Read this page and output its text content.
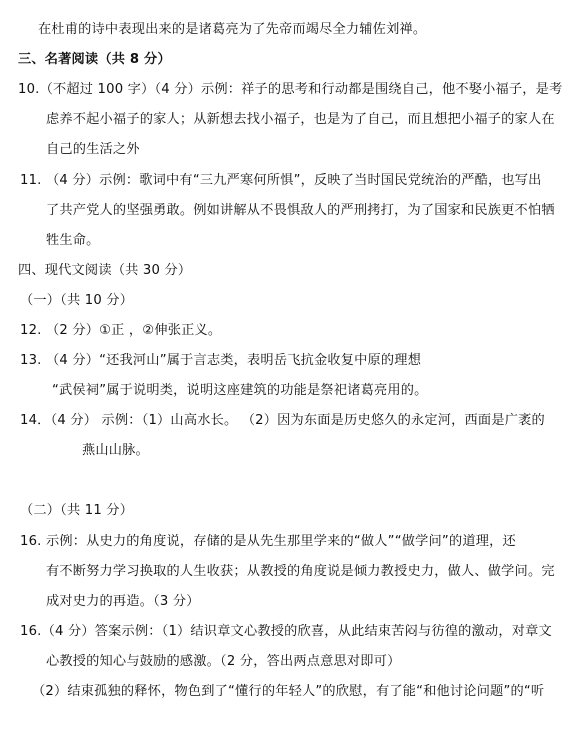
在杜甫的诗中表现出来的是诸葛亮为了先帝而竭尽全力辅佐刘禅。
三、名著阅读（共 8 分）
10.（不超过 100 字）（4 分）示例：祥子的思考和行动都是围绕自己，他不娶小福子，是考
虑养不起小福子的家人；从新想去找小福子，也是为了自己，而且想把小福子的家人在
自己的生活之外
11. （4 分）示例：歌词中有“三九严寒何所惧”，反映了当时国民党统治的严酷，也写出
了共产党人的坚强勇敢。例如讲解从不畏惧敌人的严刑拷打，为了国家和民族更不怕牺
牲生命。
四、现代文阅读（共 30 分）
（一）（共 10 分）
12. （2 分）①正 ，②伸张正义。
13. （4 分）“还我河山”属于言志类，表明岳飞抗金收复中原的理想
“武侯祠”属于说明类，说明这座建筑的功能是祭祀诸葛亮用的。
14．（4 分） 示例：（1）山高水长。 （2）因为东面是历史悠久的永定河，西面是广袤的
燕山山脉。
（二）（共 11 分）
16. 示例：从史力的角度说，存储的是从先生那里学来的“做人”“做学问”的道理，还
有不断努力学习换取的人生收获；从教授的角度说是倾力教授史力，做人、做学问。完
成对史力的再造。（3 分）
16.（4 分）答案示例：（1）结识章文心教授的欣喜，从此结束苦闷与彷徨的激动，对章文
心教授的知心与鼓励的感激。（2 分，答出两点意思对即可）
（2）结束孤独的释怀，物色到了“懂行的年轻人”的欣慰，有了能“和他讨论问题”的“听
